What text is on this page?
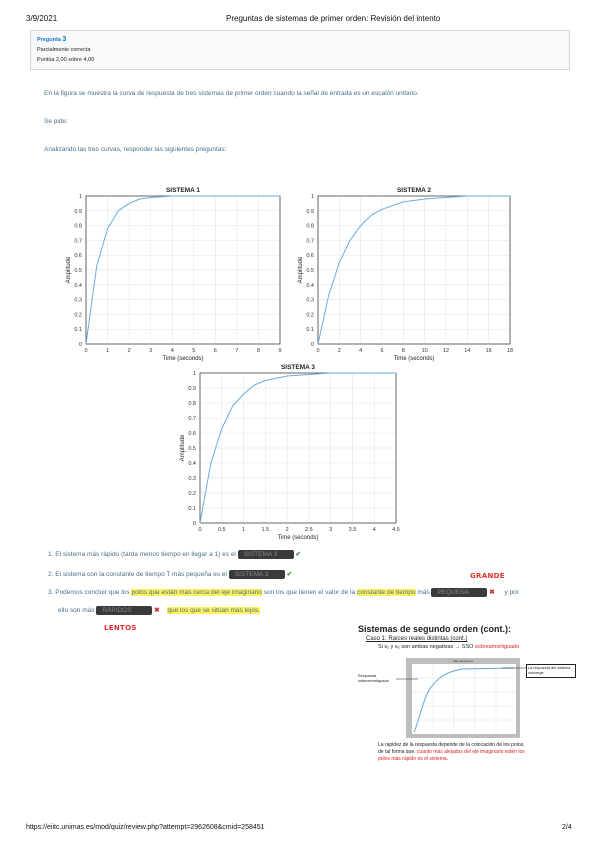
3/9/2021	Preguntas de sistemas de primer orden: Revisión del intento
Pregunta 3
Parcialmente correcta
Puntúa 2,00 sobre 4,00
En la figura se muestra la curva de respuesta de tres sistemas de primer orden cuando la señal de entrada es un escalón unitario.
Se pide:
Analizando las tres curvas, responder las siguientes preguntas:
0
0.1
0.2
0.3
0.4
0.5
0.6
0.7
0.8
0.9
1
0	1	2	3	4	5	6	7	8	9
SISTEMA 1
Time (seconds)
Amplitude
0
0.1
0.2
0.3
0.4
0.5
0.6
0.7
0.8
0.9
1
0	2	4	6	8	10	12	14	16	18
SISTEMA 2
Time (seconds)
Amplitude
0
0.1
0.2
0.3
0.4
0.5
0.6
0.7
0.8
0.9
1
0	0.5	1	1.5	2	2.5	3	3.5	4	4.5
SISTEMA 3
Time (seconds)
Amplitude
1. El sistema más rápido (tarda menos tiempo en llegar a 1) es el SISTEMA 3	✔
2. El sistema con la constante de tiempo T más pequeña es el SISTEMA 3	✔
3. Podemos concluir que los polos que están más cerca del eje imaginario son los que tienen el valor de la constante de tiempo más PEQUEÑA	✖ y por
ello son más RÁPIDOS	✖ que los que se sitúan más lejos.
GRANDE
LENTOS	Sistemas de segundo orden (cont.):
Caso 1: Raíces reales distintas (cont.)
Si s₁ y s₂ son ambas negativas → SSO sobreamortiguado
Step Response
Respuesta sobreamortiguada
La respuesta del sistema converge
La rapidez de la respuesta depende de la colocación de los polos,
de tal forma que, cuanto más alejados del eje imaginario estén los
polos más rápido es el sistema.
https://eiitc.unimas.es/mod/quiz/review.php?attempt=2962608&cmid=258451	2/4
